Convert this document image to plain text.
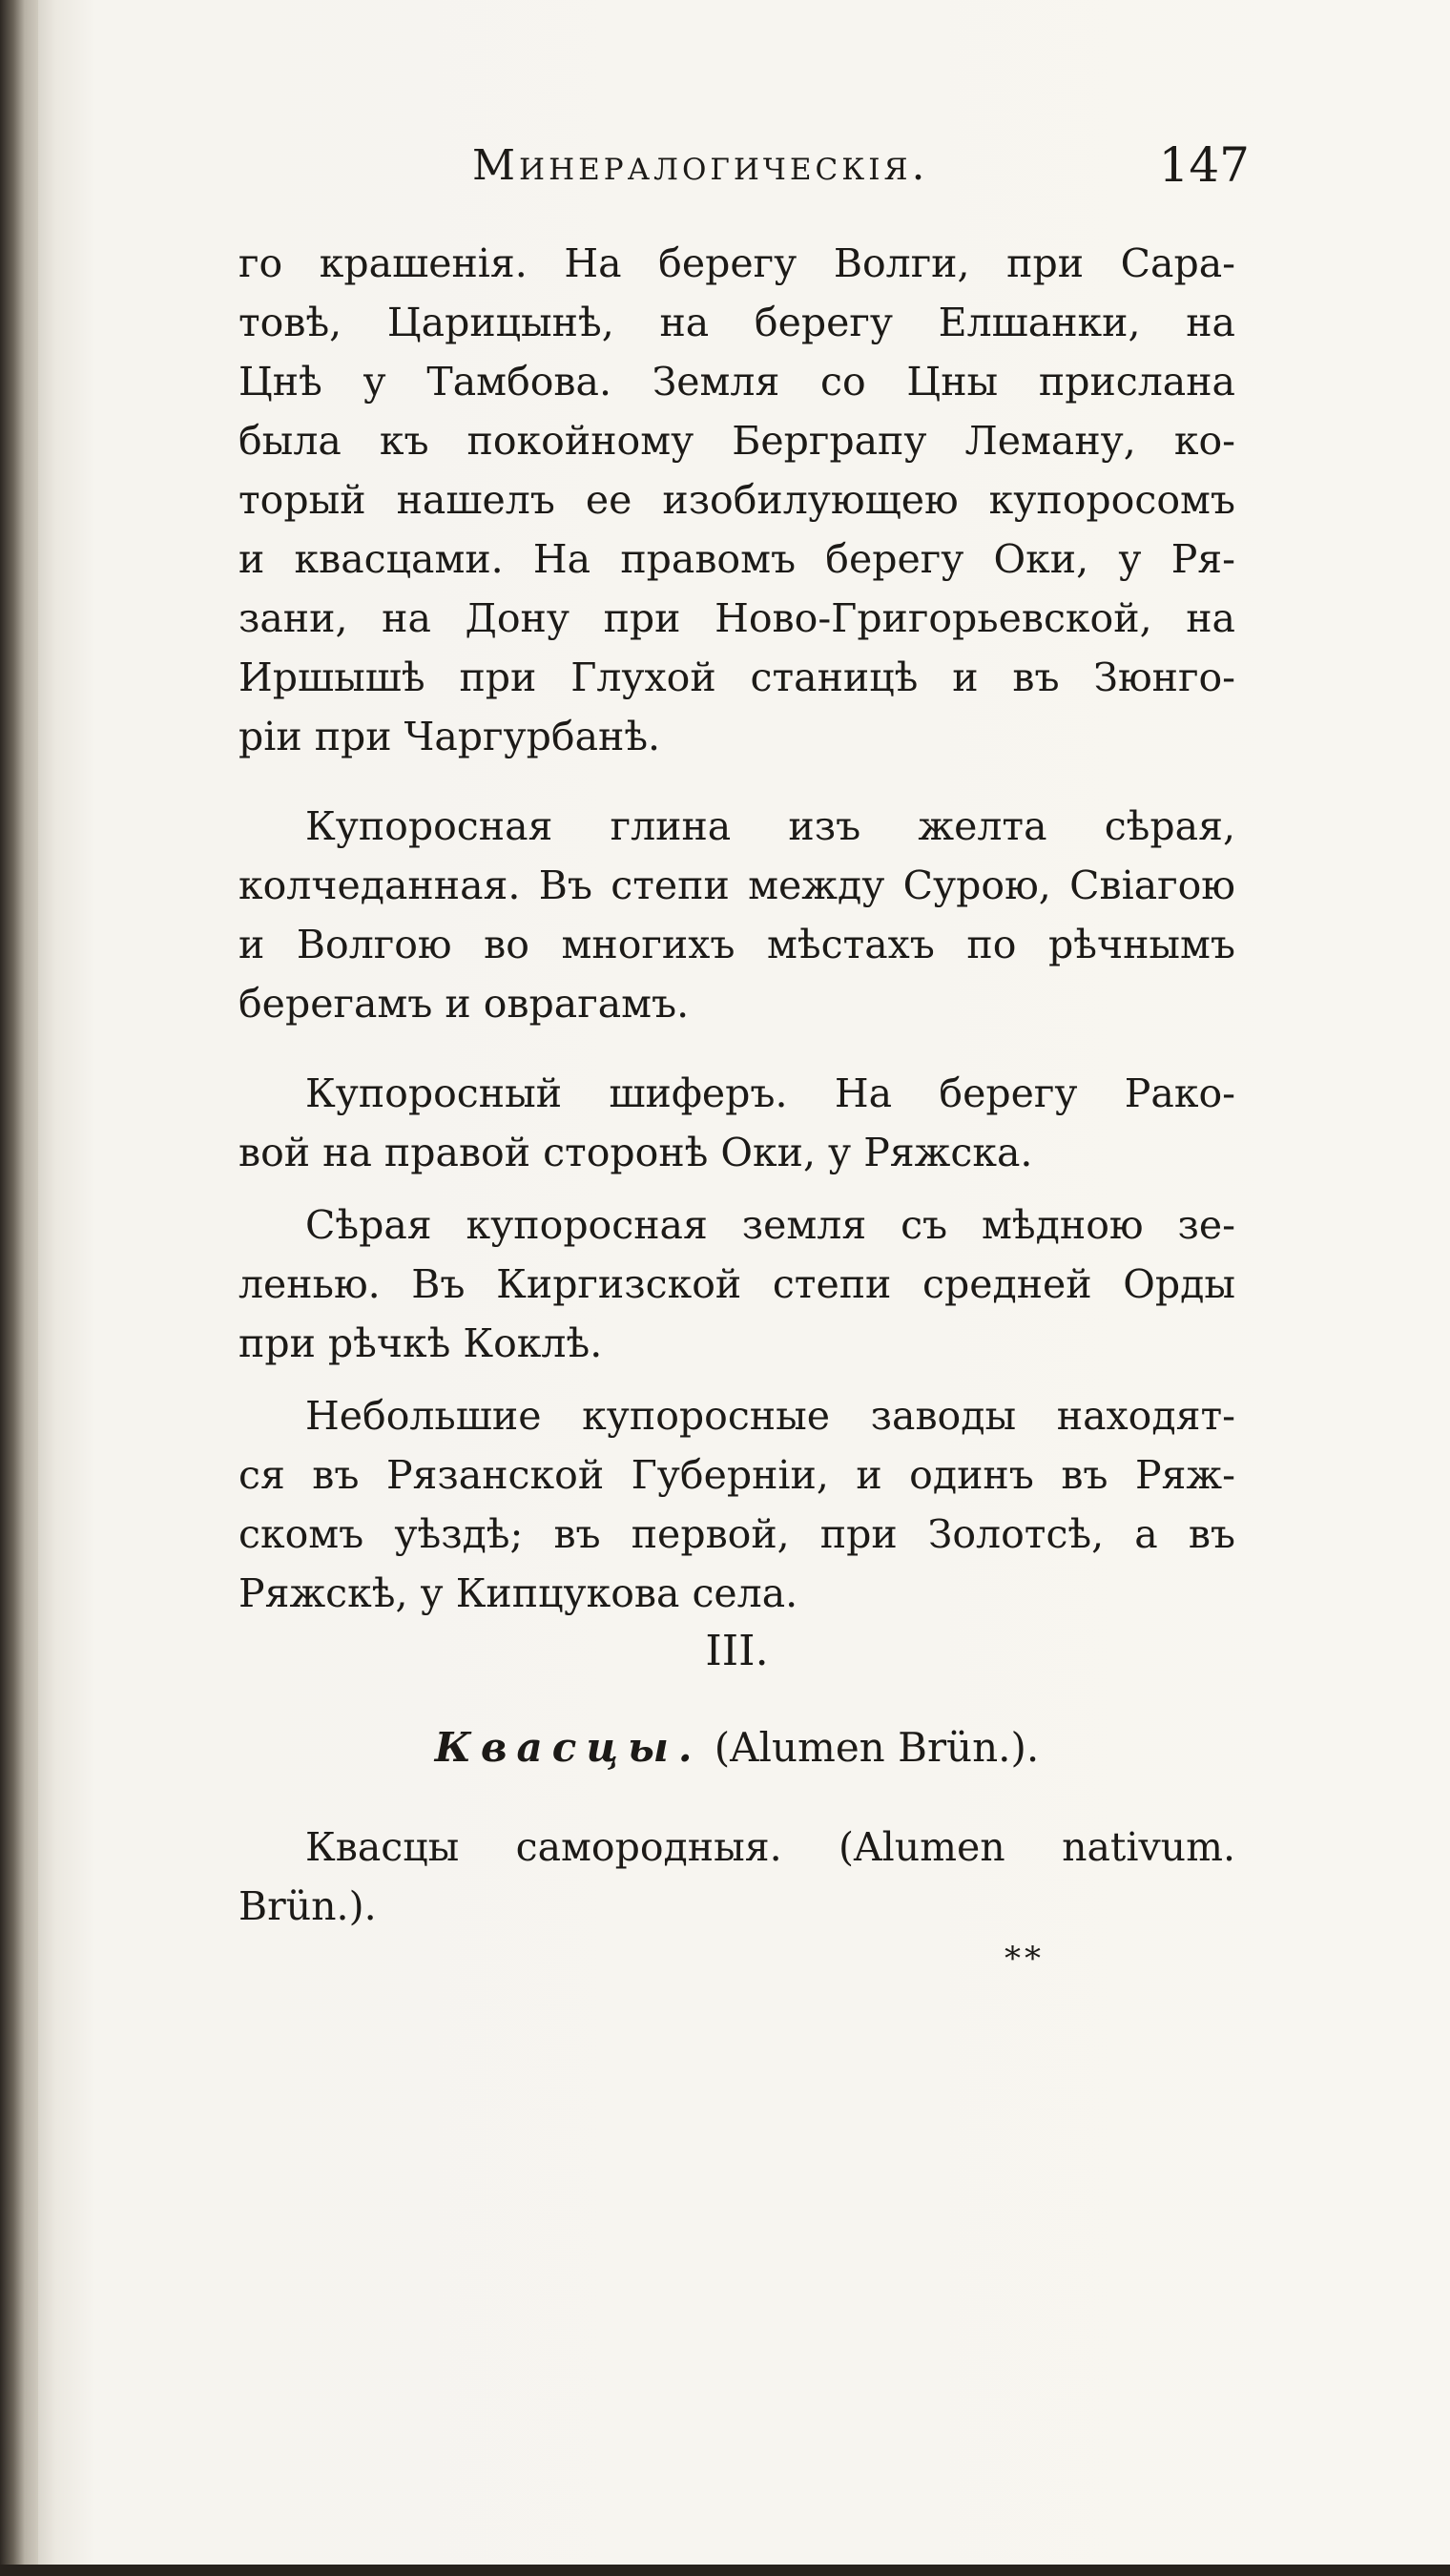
Минералогическія.	147
го крашенія. На берегу Волги, при Сара-
товѣ, Царицынѣ, на берегу Елшанки, на
Цнѣ у Тамбова. Земля со Цны прислана
была къ покойному Берграпу Леману, ко-
торый нашелъ ее изобилующею купоросомъ
и квасцами. На правомъ берегу Оки, у Ря-
зани, на Дону при Ново-Григорьевской, на
Иршышѣ при Глухой станицѣ и въ Зюнго-
ріи при Чаргурбанѣ.
Купоросная глина изъ желта сѣрая,
колчеданная. Въ степи между Сурою, Свіагою
и Волгою во многихъ мѣстахъ по рѣчнымъ
берегамъ и оврагамъ.
Купоросный шиферъ. На берегу Рако-
вой на правой сторонѣ Оки, у Ряжска.
Сѣрая купоросная земля съ мѣдною зе-
ленью. Въ Киргизской степи средней Орды
при рѣчкѣ Коклѣ.
Небольшие купоросные заводы находят-
ся въ Рязанской Губерніи, и одинъ въ Ряж-
скомъ уѣздѣ; въ первой, при Золотсѣ, а въ
Ряжскѣ, у Кипцукова села.
III.
Квасцы. (Alumen Brün.).
Квасцы самородныя. (Alumen nativum.
Brün.).
**
